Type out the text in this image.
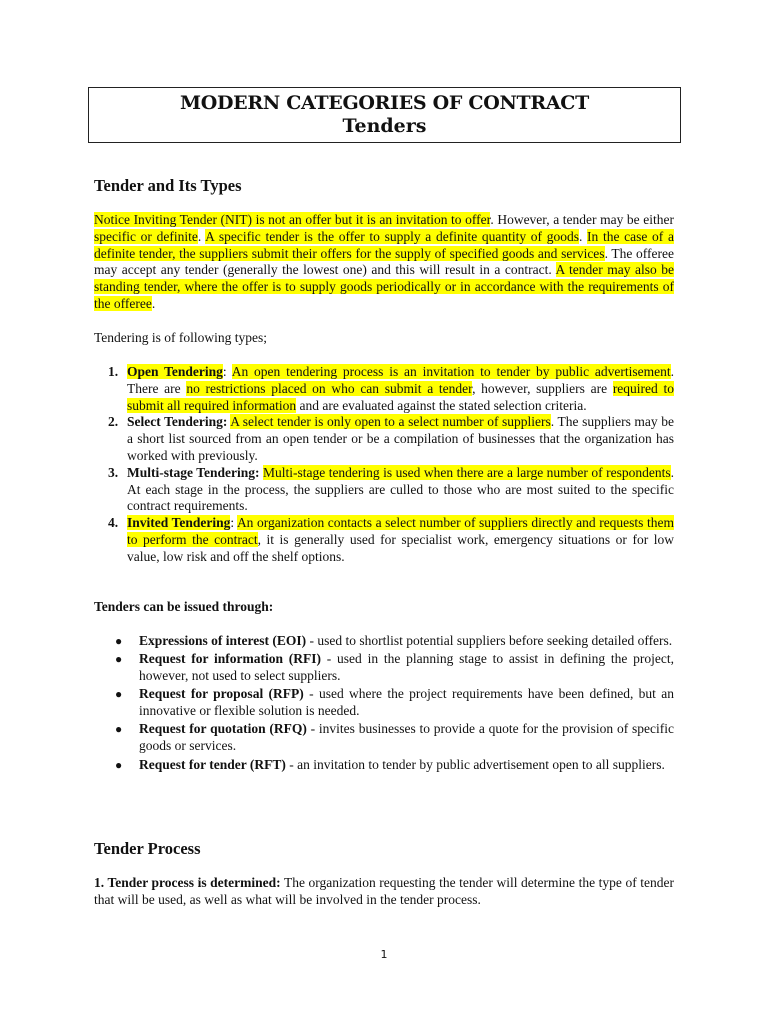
MODERN CATEGORIES OF CONTRACT
Tenders
Tender and Its Types
Notice Inviting Tender (NIT) is not an offer but it is an invitation to offer. However, a tender may be either specific or definite. A specific tender is the offer to supply a definite quantity of goods. In the case of a definite tender, the suppliers submit their offers for the supply of specified goods and services. The offeree may accept any tender (generally the lowest one) and this will result in a contract. A tender may also be standing tender, where the offer is to supply goods periodically or in accordance with the requirements of the offeree.
Tendering is of following types;
1. Open Tendering: An open tendering process is an invitation to tender by public advertisement. There are no restrictions placed on who can submit a tender, however, suppliers are required to submit all required information and are evaluated against the stated selection criteria.
2. Select Tendering: A select tender is only open to a select number of suppliers. The suppliers may be a short list sourced from an open tender or be a compilation of businesses that the organization has worked with previously.
3. Multi-stage Tendering: Multi-stage tendering is used when there are a large number of respondents. At each stage in the process, the suppliers are culled to those who are most suited to the specific contract requirements.
4. Invited Tendering: An organization contacts a select number of suppliers directly and requests them to perform the contract, it is generally used for specialist work, emergency situations or for low value, low risk and off the shelf options.
Tenders can be issued through:
● Expressions of interest (EOI) - used to shortlist potential suppliers before seeking detailed offers.
● Request for information (RFI) - used in the planning stage to assist in defining the project, however, not used to select suppliers.
● Request for proposal (RFP) - used where the project requirements have been defined, but an innovative or flexible solution is needed.
● Request for quotation (RFQ) - invites businesses to provide a quote for the provision of specific goods or services.
● Request for tender (RFT) - an invitation to tender by public advertisement open to all suppliers.
Tender Process
1. Tender process is determined: The organization requesting the tender will determine the type of tender that will be used, as well as what will be involved in the tender process.
1
